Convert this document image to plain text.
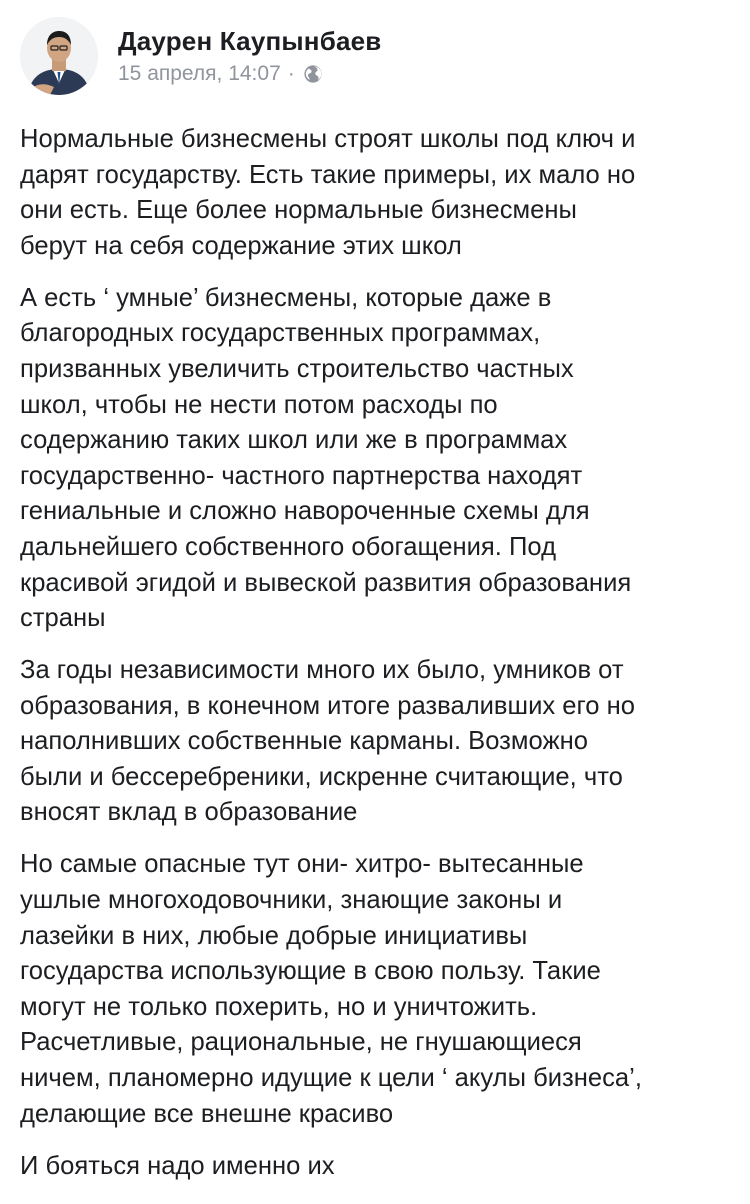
Даурен Каупынбаев
15 апреля, 14:07 ·
Нормальные бизнесмены строят школы под ключ и
дарят государству. Есть такие примеры, их мало но
они есть. Еще более нормальные бизнесмены
берут на себя содержание этих школ
А есть ‘ умные’ бизнесмены, которые даже в
благородных государственных программах,
призванных увеличить строительство частных
школ, чтобы не нести потом расходы по
содержанию таких школ или же в программах
государственно- частного партнерства находят
гениальные и сложно навороченные схемы для
дальнейшего собственного обогащения. Под
красивой эгидой и вывеской развития образования
страны
За годы независимости много их было, умников от
образования, в конечном итоге разваливших его но
наполнивших собственные карманы. Возможно
были и бессеребреники, искренне считающие, что
вносят вклад в образование
Но самые опасные тут они- хитро- вытесанные
ушлые многоходовочники, знающие законы и
лазейки в них, любые добрые инициативы
государства использующие в свою пользу. Такие
могут не только похерить, но и уничтожить.
Расчетливые, рациональные, не гнушающиеся
ничем, планомерно идущие к цели ‘ акулы бизнеса’,
делающие все внешне красиво
И бояться надо именно их
